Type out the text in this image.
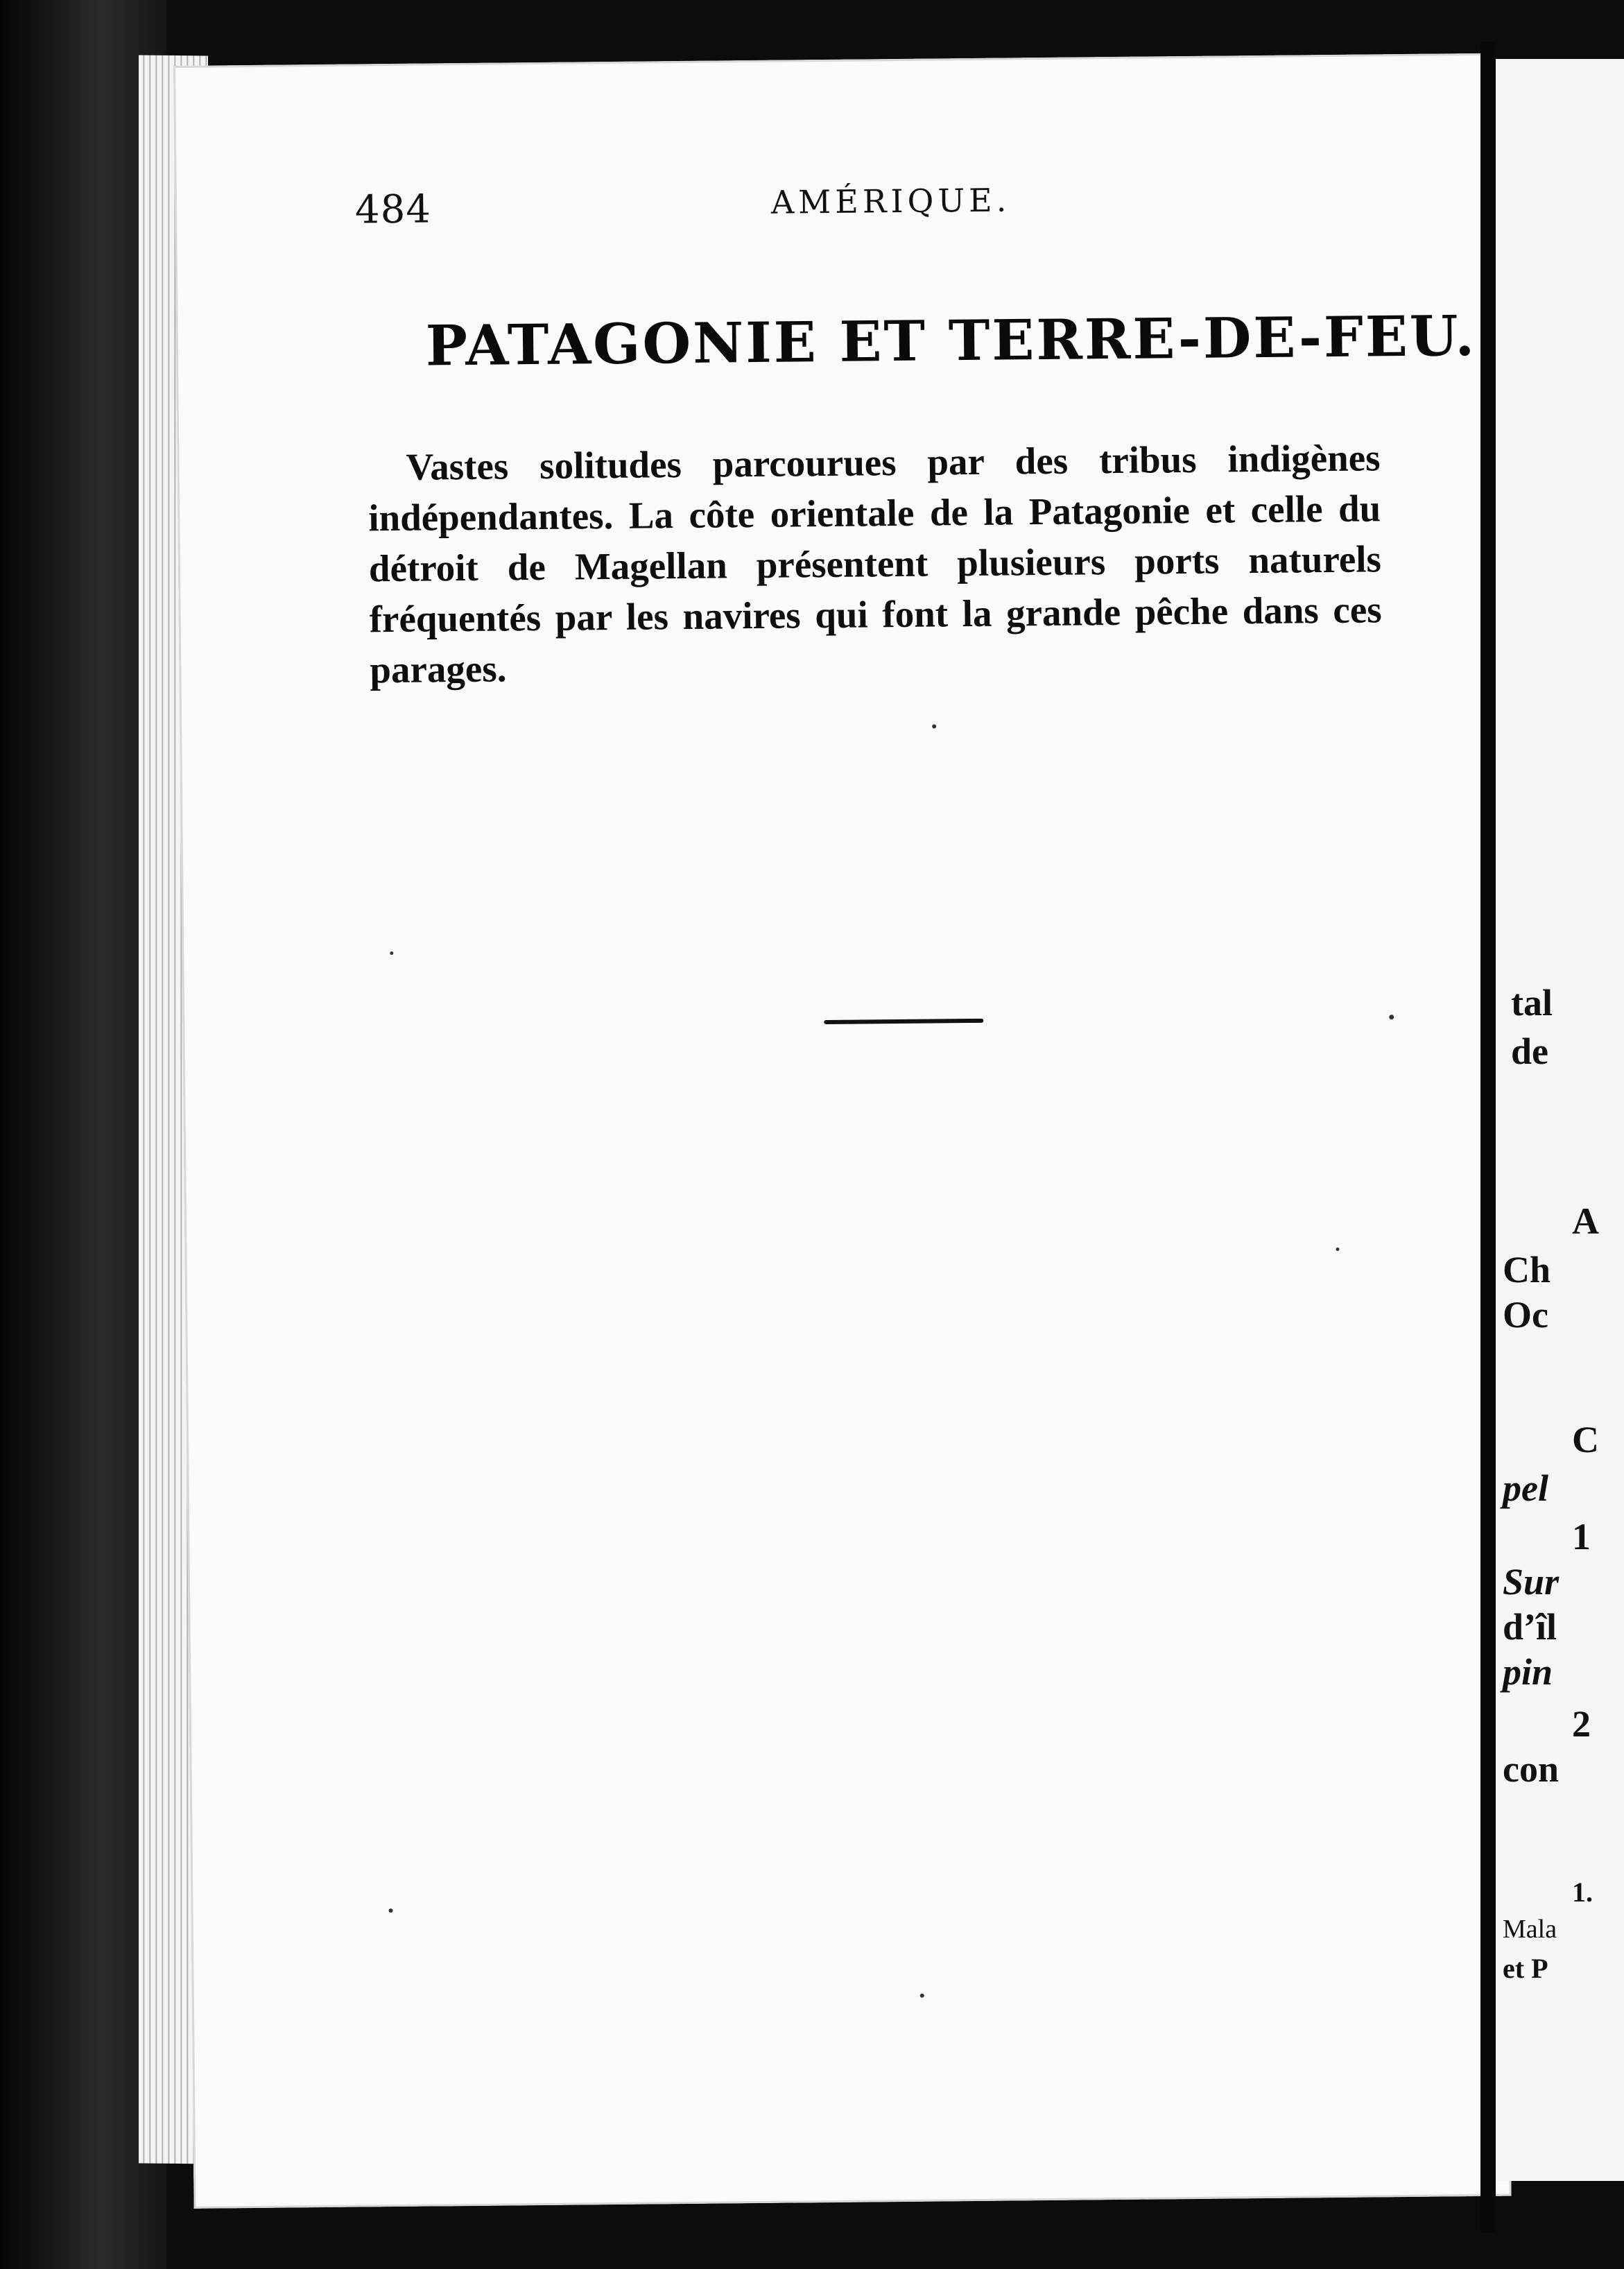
484	AMÉRIQUE.
PATAGONIE ET TERRE-DE-FEU.
Vastes solitudes parcourues par des tribus indigènes indépendantes. La côte orientale de la Patagonie et celle du détroit de Magellan présentent plusieurs ports naturels fréquentés par les navires qui font la grande pêche dans ces parages.
tal
de
A
Ch
Oc
C
pel
1
Sur
d’îl
pin
2
con
1.
Mala
et P
